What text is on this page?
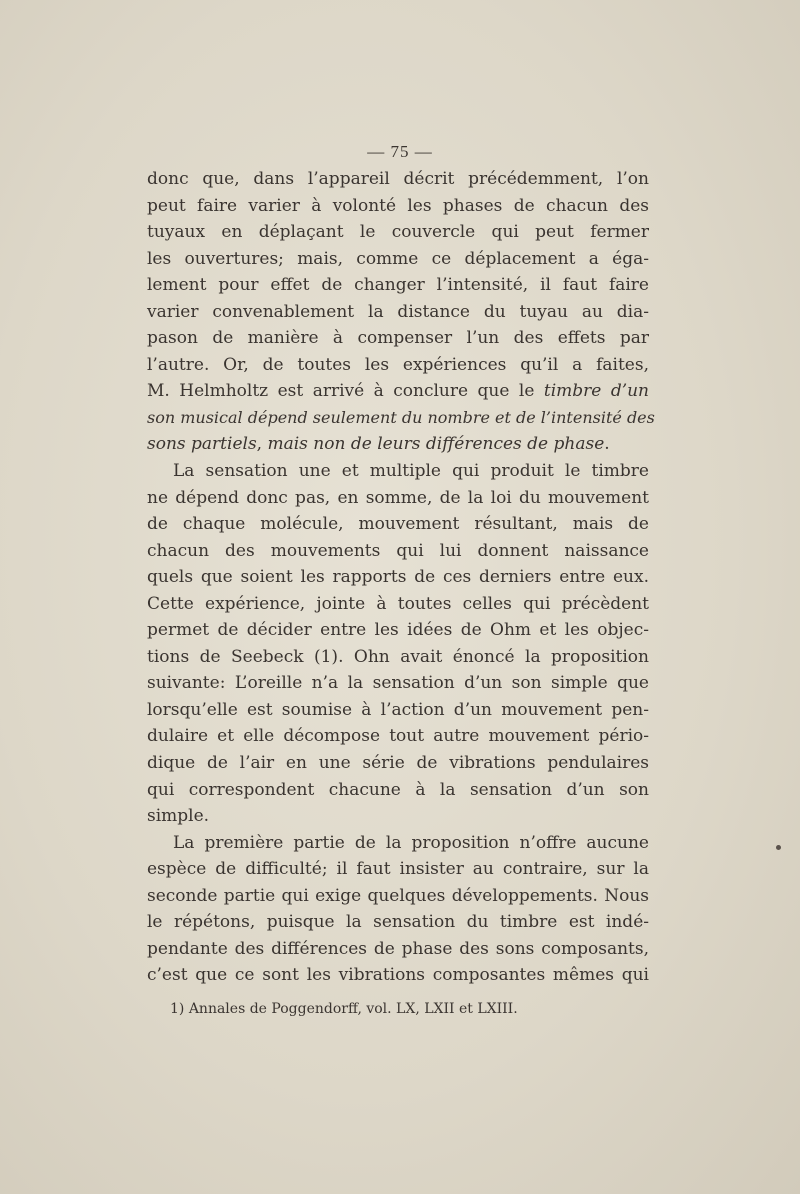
— 75 —
donc que, dans l’appareil décrit précédemment, l’on
peut faire varier à volonté les phases de chacun des
tuyaux en déplaçant le couvercle qui peut fermer
les ouvertures; mais, comme ce déplacement a éga-
lement pour effet de changer l’intensité, il faut faire
varier convenablement la distance du tuyau au dia-
pason de manière à compenser l’un des effets par
l’autre. Or, de toutes les expériences qu’il a faites,
M. Helmholtz est arrivé à conclure que le timbre d’un
son musical dépend seulement du nombre et de l’intensité des
sons partiels, mais non de leurs différences de phase.
La sensation une et multiple qui produit le timbre
ne dépend donc pas, en somme, de la loi du mouvement
de chaque molécule, mouvement résultant, mais de
chacun des mouvements qui lui donnent naissance
quels que soient les rapports de ces derniers entre eux.
Cette expérience, jointe à toutes celles qui précèdent
permet de décider entre les idées de Ohm et les objec-
tions de Seebeck (1). Ohn avait énoncé la proposition
suivante: L’oreille n’a la sensation d’un son simple que
lorsqu’elle est soumise à l’action d’un mouvement pen-
dulaire et elle décompose tout autre mouvement pério-
dique de l’air en une série de vibrations pendulaires
qui correspondent chacune à la sensation d’un son
simple.
La première partie de la proposition n’offre aucune
espèce de difficulté; il faut insister au contraire, sur la
seconde partie qui exige quelques développements. Nous
le répétons, puisque la sensation du timbre est indé-
pendante des différences de phase des sons composants,
c’est que ce sont les vibrations composantes mêmes qui
1) Annales de Poggendorff, vol. LX, LXII et LXIII.
